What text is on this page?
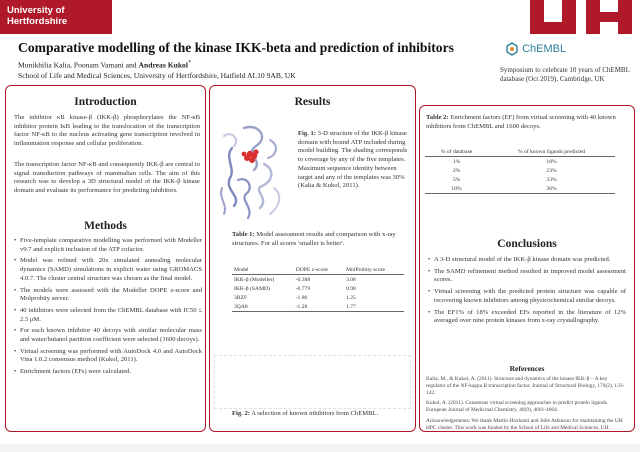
University of Hertfordshire
Comparative modelling of the kinase IKK-beta and prediction of inhibitors
Munikhilia Kalia, Poonam Vamani and Andreas Kukol*
School of Life and Medical Sciences, University of Hertfordshire, Hatfield AL10 9AB, UK
ChEMBL
Symposium to celebrate 10 years of ChEMBL database (Oct 2019), Cambridge, UK
Introduction
The inhibitor κB kinase-β (IKK-β) phosphorylates the NF-κB inhibitor protein IκB leading to the translocation of the transcription factor NF-κB to the nucleus activating gene transcription involved in inflammation response and cellular proliferation.
The transcription factor NF-κB and consequently IKK-β are central to signal transduction pathways of mammalian cells. The aim of this research was to develop a 3D structural model of the IKK-β kinase domain and evaluate its performance for predicting inhibitors.
Methods
• Five-template comparative modelling was performed with Modeller v9.7 and explicit inclusion of the ATP cofactor.
• Model was refined with 20x simulated annealing molecular dynamics (SAMD) simulations in explicit water using GROMACS 4.0.7. The cluster central structure was chosen as the final model.
• The models were assessed with the Modeller DOPE z-score and Molprobity server.
• 40 inhibitors were selected from the ChEMBL database with IC50 ≤ 2.5 μM.
• For each known inhibitor 40 decoys with similar molecular mass and water/butanol partition coefficient were selected (1600 decoys).
• Virtual screening was performed with AutoDock 4.0 and AutoDock Vina 1.0.2 consensus method (Kukol, 2011).
• Enrichment factors (EFs) were calculated.
Results
Fig. 1: 3-D structure of the IKK-β kinase domain with bound ATP included during model building. The shading corresponds to coverage by any of the five templates. Maximum sequence identity between target and any of the templates was 30% (Kalia & Kukol, 2011).
Table 1: Model assessment results and comparison with x-ray structures. For all scores 'smaller is better'.
Model	DOPE z-score	MolProbity score
IKK-β (Modeller)	-0.388	3.08
IKK-β (SAMD)	-0.779	0.98
3RZF	-1.80	1.25
3QA8	-1.28	1.77
Fig. 2: A selection of known inhibitors from ChEMBL.
Table 2: Enrichment factors (EF) from virtual screening with 40 known inhibitors from ChEMBL and 1600 decoys.
Conclusions
• A 3-D structural model of the IKK-β kinase domain was predicted.
• The SAMD refinement method resulted in improved model assessment scores.
• Virtual screening with the predicted protein structure was capable of recovering known inhibitors among physicochemical similar decoys.
• The EF1% of 18% exceeded EFs reported in the literature of 12% averaged over nine protein kinases from x-ray crystallography.
References
Kalia, M., & Kukol, A. (2011). Structure and dynamics of the kinase IKK-β – A key regulator of the NF-kappa B transcription factor. Journal of Structural Biology, 176(2), 133-142.
Kukol, A. (2011). Consensus virtual screening approaches to predict protein ligands. European Journal of Medicinal Chemistry, 46(9), 4661-4664.
Acknowledgements: We thank Martin Hoxhanti and Julie Atkinson for maintaining the UH HPC cluster. This work was funded by the School of Life and Medical Sciences, UH.
% of database	% of known ligands predicted
1%	18%
2%	23%
5%	33%
10%	36%
